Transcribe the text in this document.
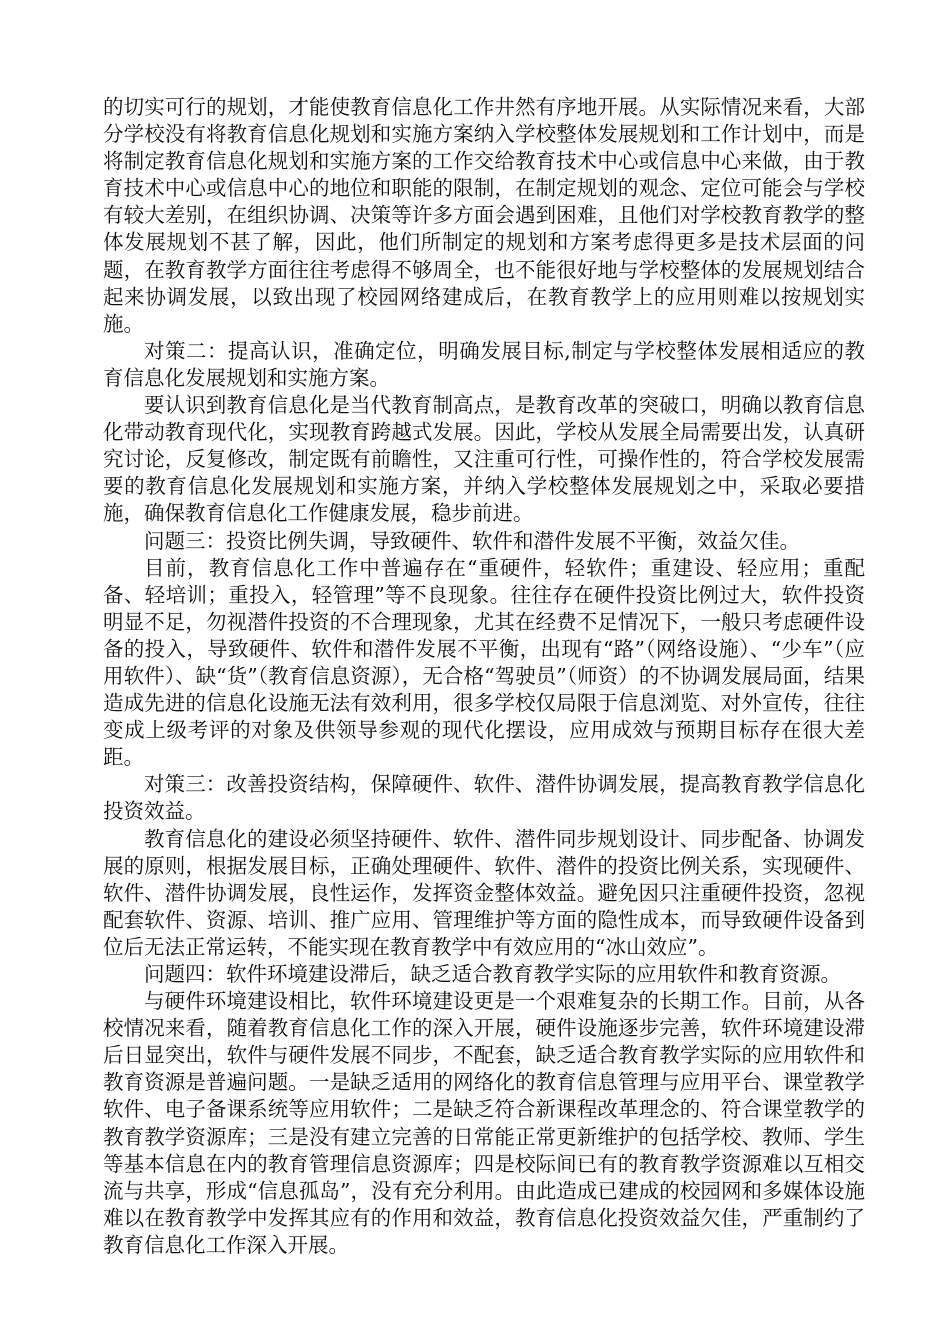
的切实可行的规划，才能使教育信息化工作井然有序地开展。从实际情况来看，大部分学校没有将教育信息化规划和实施方案纳入学校整体发展规划和工作计划中，而是将制定教育信息化规划和实施方案的工作交给教育技术中心或信息中心来做，由于教育技术中心或信息中心的地位和职能的限制，在制定规划的观念、定位可能会与学校有较大差别，在组织协调、决策等许多方面会遇到困难，且他们对学校教育教学的整体发展规划不甚了解，因此，他们所制定的规划和方案考虑得更多是技术层面的问题，在教育教学方面往往考虑得不够周全，也不能很好地与学校整体的发展规划结合起来协调发展，以致出现了校园网络建成后，在教育教学上的应用则难以按规划实施。

对策二：提高认识，准确定位，明确发展目标,制定与学校整体发展相适应的教育信息化发展规划和实施方案。

要认识到教育信息化是当代教育制高点，是教育改革的突破口，明确以教育信息化带动教育现代化，实现教育跨越式发展。因此，学校从发展全局需要出发，认真研究讨论，反复修改，制定既有前瞻性，又注重可行性，可操作性的，符合学校发展需要的教育信息化发展规划和实施方案，并纳入学校整体发展规划之中，采取必要措施，确保教育信息化工作健康发展，稳步前进。

问题三：投资比例失调，导致硬件、软件和潜件发展不平衡，效益欠佳。

目前，教育信息化工作中普遍存在“重硬件，轻软件；重建设、轻应用；重配备、轻培训；重投入，轻管理”等不良现象。往往存在硬件投资比例过大，软件投资明显不足，勿视潜件投资的不合理现象，尤其在经费不足情况下，一般只考虑硬件设备的投入，导致硬件、软件和潜件发展不平衡，出现有“路”（网络设施）、“少车”（应用软件）、缺“货”（教育信息资源），无合格“驾驶员”（师资）的不协调发展局面，结果造成先进的信息化设施无法有效利用，很多学校仅局限于信息浏览、对外宣传，往往变成上级考评的对象及供领导参观的现代化摆设，应用成效与预期目标存在很大差距。

对策三：改善投资结构，保障硬件、软件、潜件协调发展，提高教育教学信息化投资效益。

教育信息化的建设必须坚持硬件、软件、潜件同步规划设计、同步配备、协调发展的原则，根据发展目标，正确处理硬件、软件、潜件的投资比例关系，实现硬件、软件、潜件协调发展，良性运作，发挥资金整体效益。避免因只注重硬件投资，忽视配套软件、资源、培训、推广应用、管理维护等方面的隐性成本，而导致硬件设备到位后无法正常运转，不能实现在教育教学中有效应用的“冰山效应”。

问题四：软件环境建设滞后，缺乏适合教育教学实际的应用软件和教育资源。

与硬件环境建设相比，软件环境建设更是一个艰难复杂的长期工作。目前，从各校情况来看，随着教育信息化工作的深入开展，硬件设施逐步完善，软件环境建设滞后日显突出，软件与硬件发展不同步，不配套，缺乏适合教育教学实际的应用软件和教育资源是普遍问题。一是缺乏适用的网络化的教育信息管理与应用平台、课堂教学软件、电子备课系统等应用软件；二是缺乏符合新课程改革理念的、符合课堂教学的教育教学资源库；三是没有建立完善的日常能正常更新维护的包括学校、教师、学生等基本信息在内的教育管理信息资源库；四是校际间已有的教育教学资源难以互相交流与共享，形成“信息孤岛”，没有充分利用。由此造成已建成的校园网和多媒体设施难以在教育教学中发挥其应有的作用和效益，教育信息化投资效益欠佳，严重制约了教育信息化工作深入开展。
